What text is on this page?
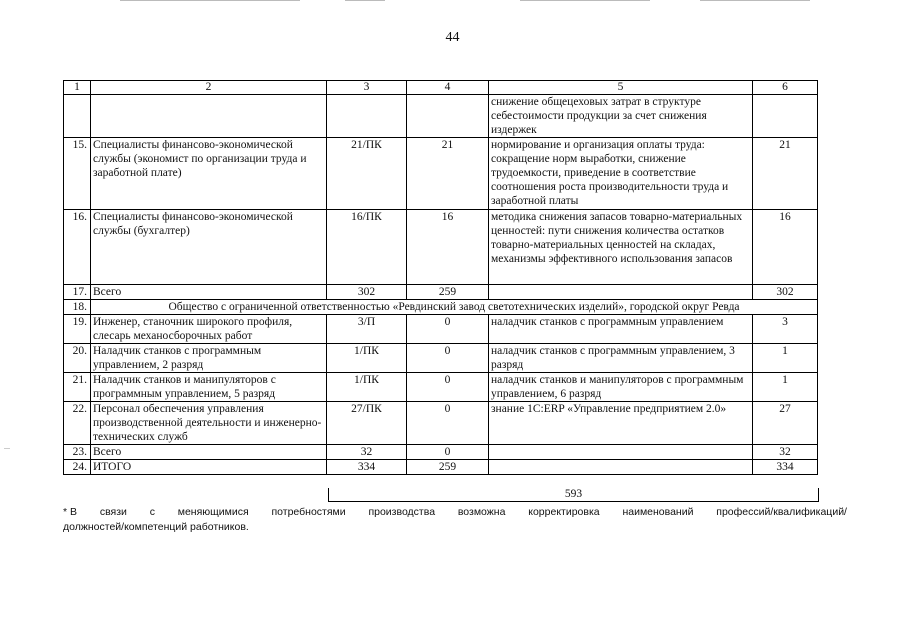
44
1	2	3	4	5	6
				снижение общецеховых затрат в структуре себестоимости продукции за счет снижения издержек	
15.	Специалисты финансово-экономической службы (экономист по организации труда и заработной плате)	21/ПК	21	нормирование и организация оплаты труда: сокращение норм выработки, снижение трудоемкости, приведение в соответствие соотношения роста производительности труда и заработной платы	21
16.	Специалисты финансово-экономической службы (бухгалтер)	16/ПК	16	методика снижения запасов товарно-материальных ценностей: пути снижения количества остатков товарно-материальных ценностей на складах, механизмы эффективного использования запасов	16
17.	Всего	302	259		302
18.	Общество с ограниченной ответственностью «Ревдинский завод светотехнических изделий», городской округ Ревда				
19.	Инженер, станочник широкого профиля, слесарь механосборочных работ	3/П	0	наладчик станков с программным управлением	3
20.	Наладчик станков с программным управлением, 2 разряд	1/ПК	0	наладчик станков с программным управлением, 3 разряд	1
21.	Наладчик станков и манипуляторов с программным управлением, 5 разряд	1/ПК	0	наладчик станков и манипуляторов с программным управлением, 6 разряд	1
22.	Персонал обеспечения управления производственной деятельности и инженерно-технических служб	27/ПК	0	знание 1С:ERP «Управление предприятием 2.0»	27
23.	Всего	32	0		32
24.	ИТОГО	334	259		334
593
* В связи с меняющимися потребностями производства возможна корректировка наименований профессий/квалификаций/
должностей/компетенций работников.
